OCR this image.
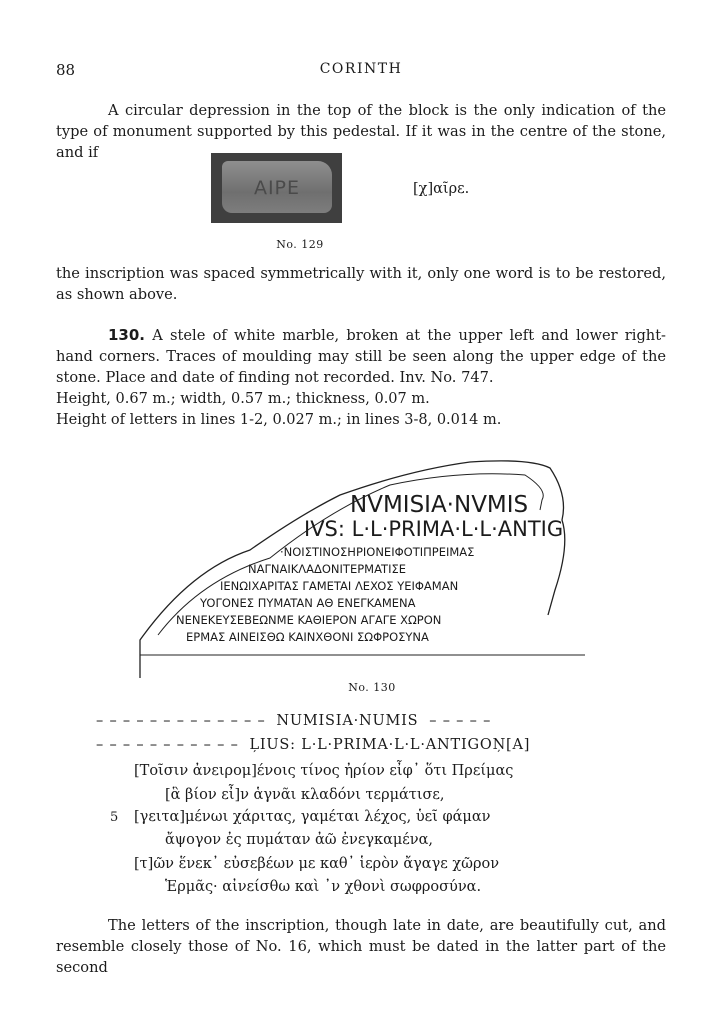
88	CORINTH
A circular depression in the top of the block is the only indication of the type of monument supported by this pedestal. If it was in the centre of the stone, and if
ΑΙΡΕ	[χ]αῖρε.
No. 129
the inscription was spaced symmetrically with it, only one word is to be restored, as shown above.
130. A stele of white marble, broken at the upper left and lower right-hand corners. Traces of moulding may still be seen along the upper edge of the stone. Place and date of finding not recorded. Inv. No. 747.
Height, 0.67 m.; width, 0.57 m.; thickness, 0.07 m.
Height of letters in lines 1-2, 0.027 m.; in lines 3-8, 0.014 m.
NVMISIA·NVMIS
IVS: L·L·PRIMA·L·L·ANTIG
·NOIΣTINOΣHPIONEIΦOTIΠPEIMAΣ
NAΓNAIKΛAΔONITEPMATIΣE
IENΩIXAPITAΣ ΓAMETAI ΛEXOΣ YEIΦAMAN
YOΓONEΣ ΠYMATAN AΘ ENEΓKAMENA
NENEKEYΣEBEΩNME KAΘIEPON AΓAΓE XΩPON
EPMAΣ AINEIΣΘΩ KAINXΘONI ΣΩΦPOΣYNA
No. 130
– – – – – – – – – – – – –  NUMISIA·NUMIS  – – – – –
– – – – – – – – – – –  ĻIUS: L·L·PRIMA·L·L·ANTIGOŅ[A]
[Τοῖσιν ἀνειρομ]ένοις τίνος ἠρίον εἶφ᾽ ὅτι Πρείμας
[ἃ βίον εἶ]ν ἁγνᾶι κλαδόνι τερμάτισε,
5 [γειτα]μένωι χάριτας, γαμέται λέχος, ὑεῖ φάμαν
ἄψογον ἐς πυμάταν ἀῶ ἐνεγκαμένα,
[τ]ῶν ἕνεκ᾽ εὐσεβέων με καθ᾽ ἱερὸν ἄγαγε χῶρον
Ἑρμᾶς· αἰνείσθω καὶ ᾽ν χθονὶ σωφροσύνα.
The letters of the inscription, though late in date, are beautifully cut, and resemble closely those of No. 16, which must be dated in the latter part of the second
